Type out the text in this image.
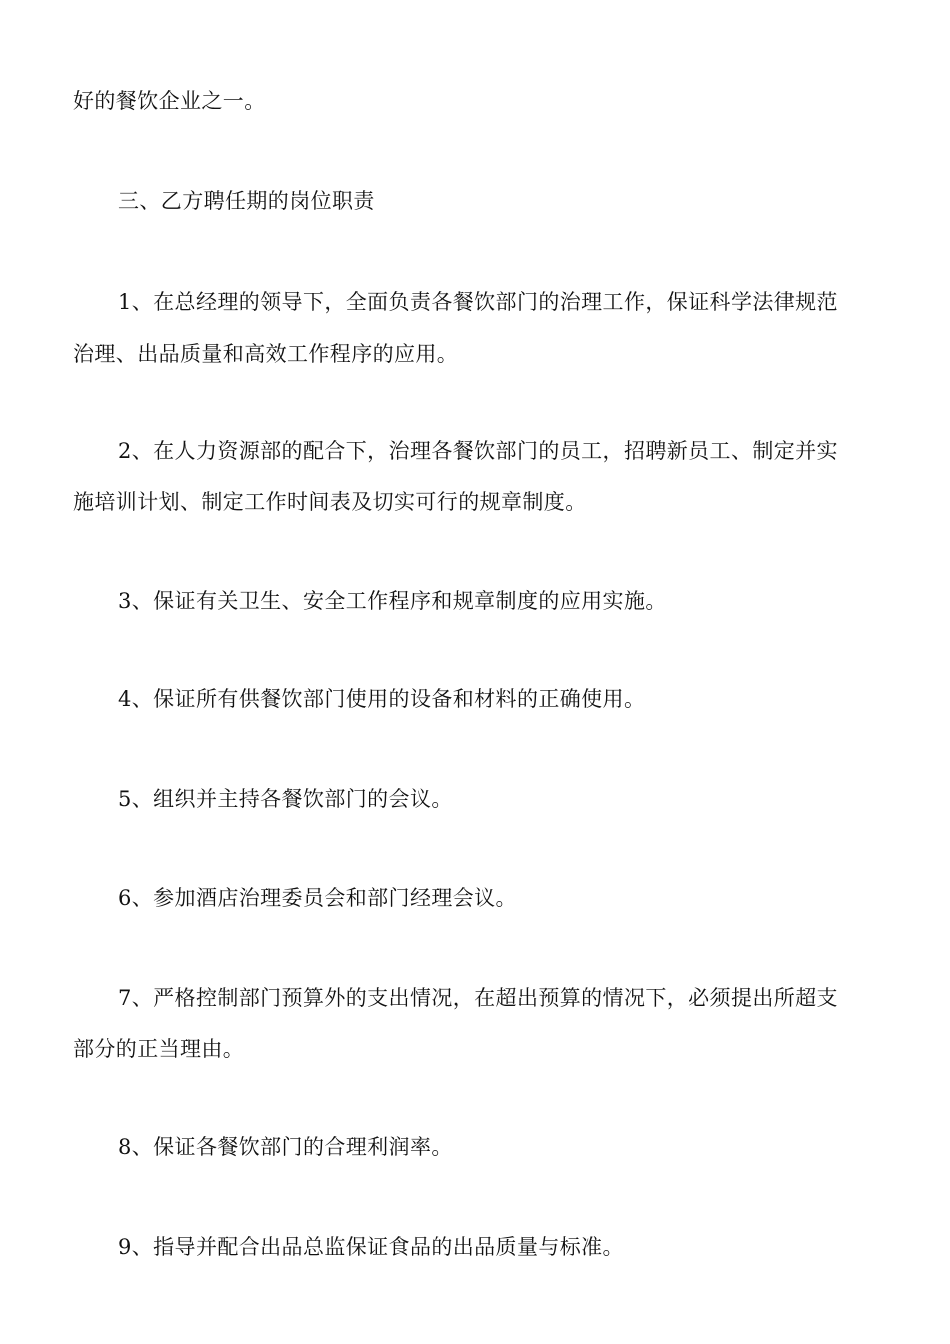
好的餐饮企业之一。
三、乙方聘任期的岗位职责
1、在总经理的领导下，全面负责各餐饮部门的治理工作，保证科学法律规范
治理、出品质量和高效工作程序的应用。
2、在人力资源部的配合下，治理各餐饮部门的员工，招聘新员工、制定并实
施培训计划、制定工作时间表及切实可行的规章制度。
3、保证有关卫生、安全工作程序和规章制度的应用实施。
4、保证所有供餐饮部门使用的设备和材料的正确使用。
5、组织并主持各餐饮部门的会议。
6、参加酒店治理委员会和部门经理会议。
7、严格控制部门预算外的支出情况，在超出预算的情况下，必须提出所超支
部分的正当理由。
8、保证各餐饮部门的合理利润率。
9、指导并配合出品总监保证食品的出品质量与标准。
